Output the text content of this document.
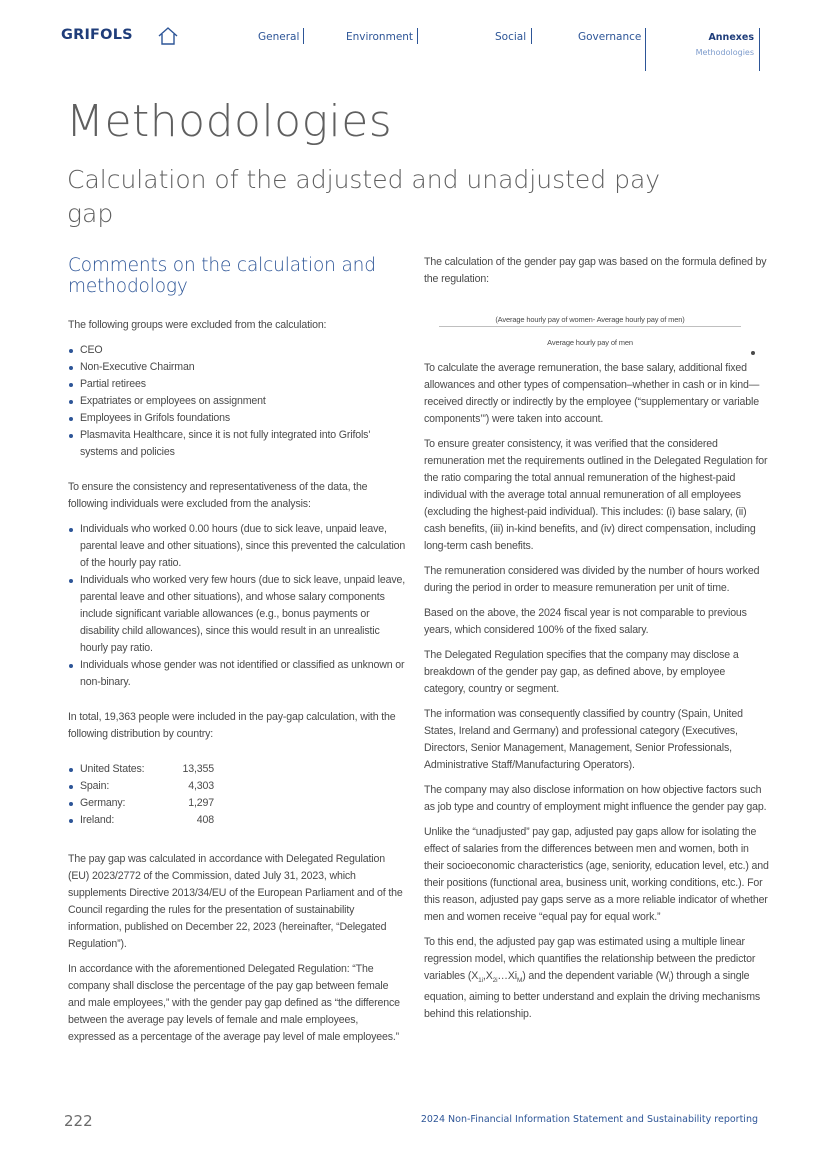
GRIFOLS	General	Environment	Social	Governance	Annexes
Methodologies
Methodologies
Calculation of the adjusted and unadjusted pay gap
Comments on the calculation and methodology

The following groups were excluded from the calculation:

CEO
Non-Executive Chairman
Partial retirees
Expatriates or employees on assignment
Employees in Grifols foundations
Plasmavita Healthcare, since it is not fully integrated into Grifols' systems and policies

To ensure the consistency and representativeness of the data, the following individuals were excluded from the analysis:

Individuals who worked 0.00 hours (due to sick leave, unpaid leave, parental leave and other situations), since this prevented the calculation of the hourly pay ratio.
Individuals who worked very few hours (due to sick leave, unpaid leave, parental leave and other situations), and whose salary components include significant variable allowances (e.g., bonus payments or disability child allowances), since this would result in an unrealistic hourly pay ratio.
Individuals whose gender was not identified or classified as unknown or non-binary.

In total, 19,363 people were included in the pay-gap calculation, with the following distribution by country:

United States:	13,355
Spain:	4,303
Germany:	1,297
Ireland:	408

The pay gap was calculated in accordance with Delegated Regulation (EU) 2023/2772 of the Commission, dated July 31, 2023, which supplements Directive 2013/34/EU of the European Parliament and of the Council regarding the rules for the presentation of sustainability information, published on December 22, 2023 (hereinafter, “Delegated Regulation”).

In accordance with the aforementioned Delegated Regulation: “The company shall disclose the percentage of the pay gap between female and male employees,” with the gender pay gap defined as “the difference between the average pay levels of female and male employees, expressed as a percentage of the average pay level of male employees.”

The calculation of the gender pay gap was based on the formula defined by the regulation:

(Average hourly pay of women- Average hourly pay of men)
Average hourly pay of men

To calculate the average remuneration, the base salary, additional fixed allowances and other types of compensation–whether in cash or in kind—received directly or indirectly by the employee (“supplementary or variable components’”) were taken into account.

To ensure greater consistency, it was verified that the considered remuneration met the requirements outlined in the Delegated Regulation for the ratio comparing the total annual remuneration of the highest-paid individual with the average total annual remuneration of all employees (excluding the highest-paid individual). This includes: (i) base salary, (ii) cash benefits, (iii) in-kind benefits, and (iv) direct compensation, including long-term cash benefits.

The remuneration considered was divided by the number of hours worked during the period in order to measure remuneration per unit of time.

Based on the above, the 2024 fiscal year is not comparable to previous years, which considered 100% of the fixed salary.

The Delegated Regulation specifies that the company may disclose a breakdown of the gender pay gap, as defined above, by employee category, country or segment.

The information was consequently classified by country (Spain, United States, Ireland and Germany) and professional category (Executives, Directors, Senior Management, Management, Senior Professionals, Administrative Staff/Manufacturing Operators).

The company may also disclose information on how objective factors such as job type and country of employment might influence the gender pay gap.

Unlike the “unadjusted” pay gap, adjusted pay gaps allow for isolating the effect of salaries from the differences between men and women, both in their socioeconomic characteristics (age, seniority, education level, etc.) and their positions (functional area, business unit, working conditions, etc.). For this reason, adjusted pay gaps serve as a more reliable indicator of whether men and women receive “equal pay for equal work.”

To this end, the adjusted pay gap was estimated using a multiple linear regression model, which quantifies the relationship between the predictor variables $(X_{1i},X_{2i}\dots Xi_M)$ and the dependent variable $(W_i)$ through a single equation, aiming to better understand and explain the driving mechanisms behind this relationship.

222	2024 Non-Financial Information Statement and Sustainability reporting
